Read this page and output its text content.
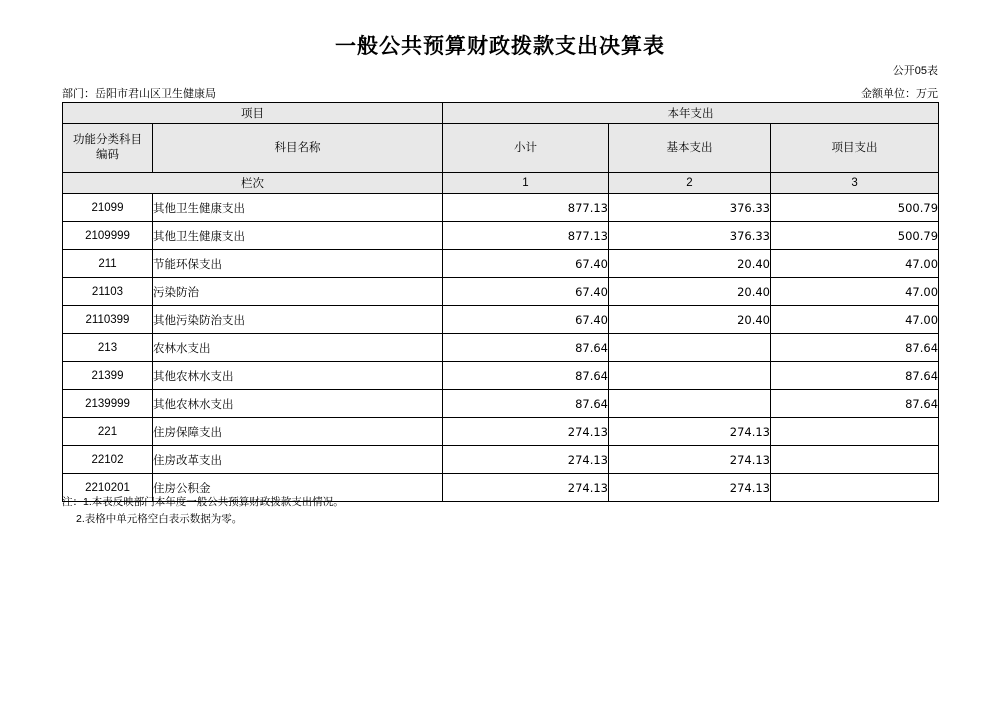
一般公共预算财政拨款支出决算表
公开05表
部门：岳阳市君山区卫生健康局	金额单位：万元
项目		本年支出		

功能分类科目
编码	科目名称	小计	基本支出	项目支出
栏次		1	2	3
21099	其他卫生健康支出	877.13	376.33	500.79
2109999	其他卫生健康支出	877.13	376.33	500.79
211	节能环保支出	67.40	20.40	47.00
21103	污染防治	67.40	20.40	47.00
2110399	其他污染防治支出	67.40	20.40	47.00
213	农林水支出	87.64		87.64
21399	其他农林水支出	87.64		87.64
2139999	其他农林水支出	87.64		87.64
221	住房保障支出	274.13	274.13	
22102	住房改革支出	274.13	274.13	
2210201	住房公积金	274.13	274.13	
注：1.本表反映部门本年度一般公共预算财政拨款支出情况。
2.表格中单元格空白表示数据为零。
